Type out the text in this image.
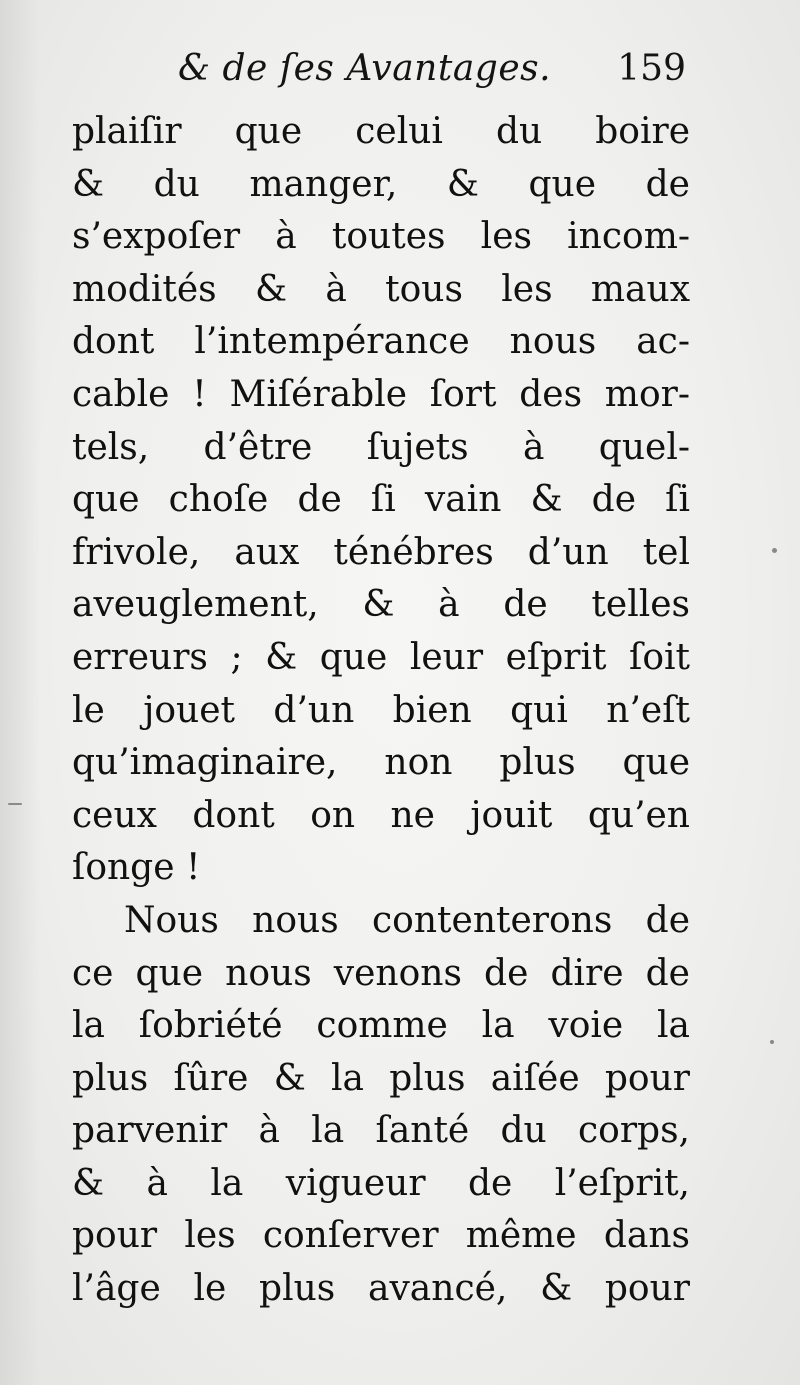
& de ſes Avantages. 159
plaiſir que celui du boire
& du manger, & que de
s’expoſer à toutes les incom-
modités & à tous les maux
dont l’intempérance nous ac-
cable ! Miſérable ſort des mor-
tels, d’être ſujets à quel-
que choſe de ſi vain & de ſi
frivole, aux ténébres d’un tel
aveuglement, & à de telles
erreurs ; & que leur eſprit ſoit
le jouet d’un bien qui n’eſt
qu’imaginaire, non plus que
ceux dont on ne jouit qu’en
ſonge !
Nous nous contenterons de
ce que nous venons de dire de
la ſobriété comme la voie la
plus ſûre & la plus aiſée pour
parvenir à la ſanté du corps,
& à la vigueur de l’eſprit,
pour les conſerver même dans
l’âge le plus avancé, & pour
